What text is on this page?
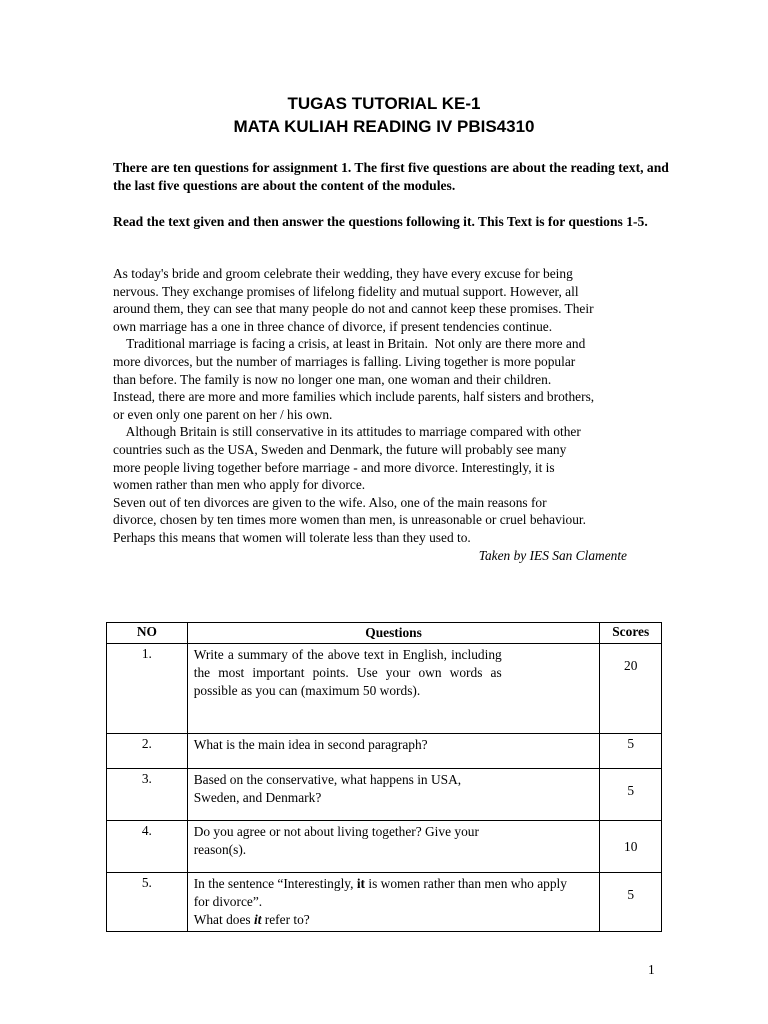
TUGAS TUTORIAL KE-1
MATA KULIAH READING IV PBIS4310
There are ten questions for assignment 1. The first five questions are about the reading text, and the last five questions are about the content of the modules.
Read the text given and then answer the questions following it. This Text is for questions 1-5.
As today's bride and groom celebrate their wedding, they have every excuse for being
nervous. They exchange promises of lifelong fidelity and mutual support. However, all
around them, they can see that many people do not and cannot keep these promises. Their
own marriage has a one in three chance of divorce, if present tendencies continue.
Traditional marriage is facing a crisis, at least in Britain.  Not only are there more and
more divorces, but the number of marriages is falling. Living together is more popular
than before. The family is now no longer one man, one woman and their children.
Instead, there are more and more families which include parents, half sisters and brothers,
or even only one parent on her / his own.
Although Britain is still conservative in its attitudes to marriage compared with other
countries such as the USA, Sweden and Denmark, the future will probably see many
more people living together before marriage - and more divorce. Interestingly, it is
women rather than men who apply for divorce.
Seven out of ten divorces are given to the wife. Also, one of the main reasons for
divorce, chosen by ten times more women than men, is unreasonable or cruel behaviour.
Perhaps this means that women will tolerate less than they used to.
Taken by IES San Clamente
NO	Questions	Scores
1.	Write a summary of the above text in English, including the most important points. Use your own words as possible as you can (maximum 50 words).	20
2.	What is the main idea in second paragraph?	5
3.	Based on the conservative, what happens in USA, Sweden, and Denmark?	5
4.	Do you agree or not about living together? Give your reason(s).	10
5.	In the sentence “Interestingly, it is women rather than men who apply for divorce”.
What does it refer to?	5
1
